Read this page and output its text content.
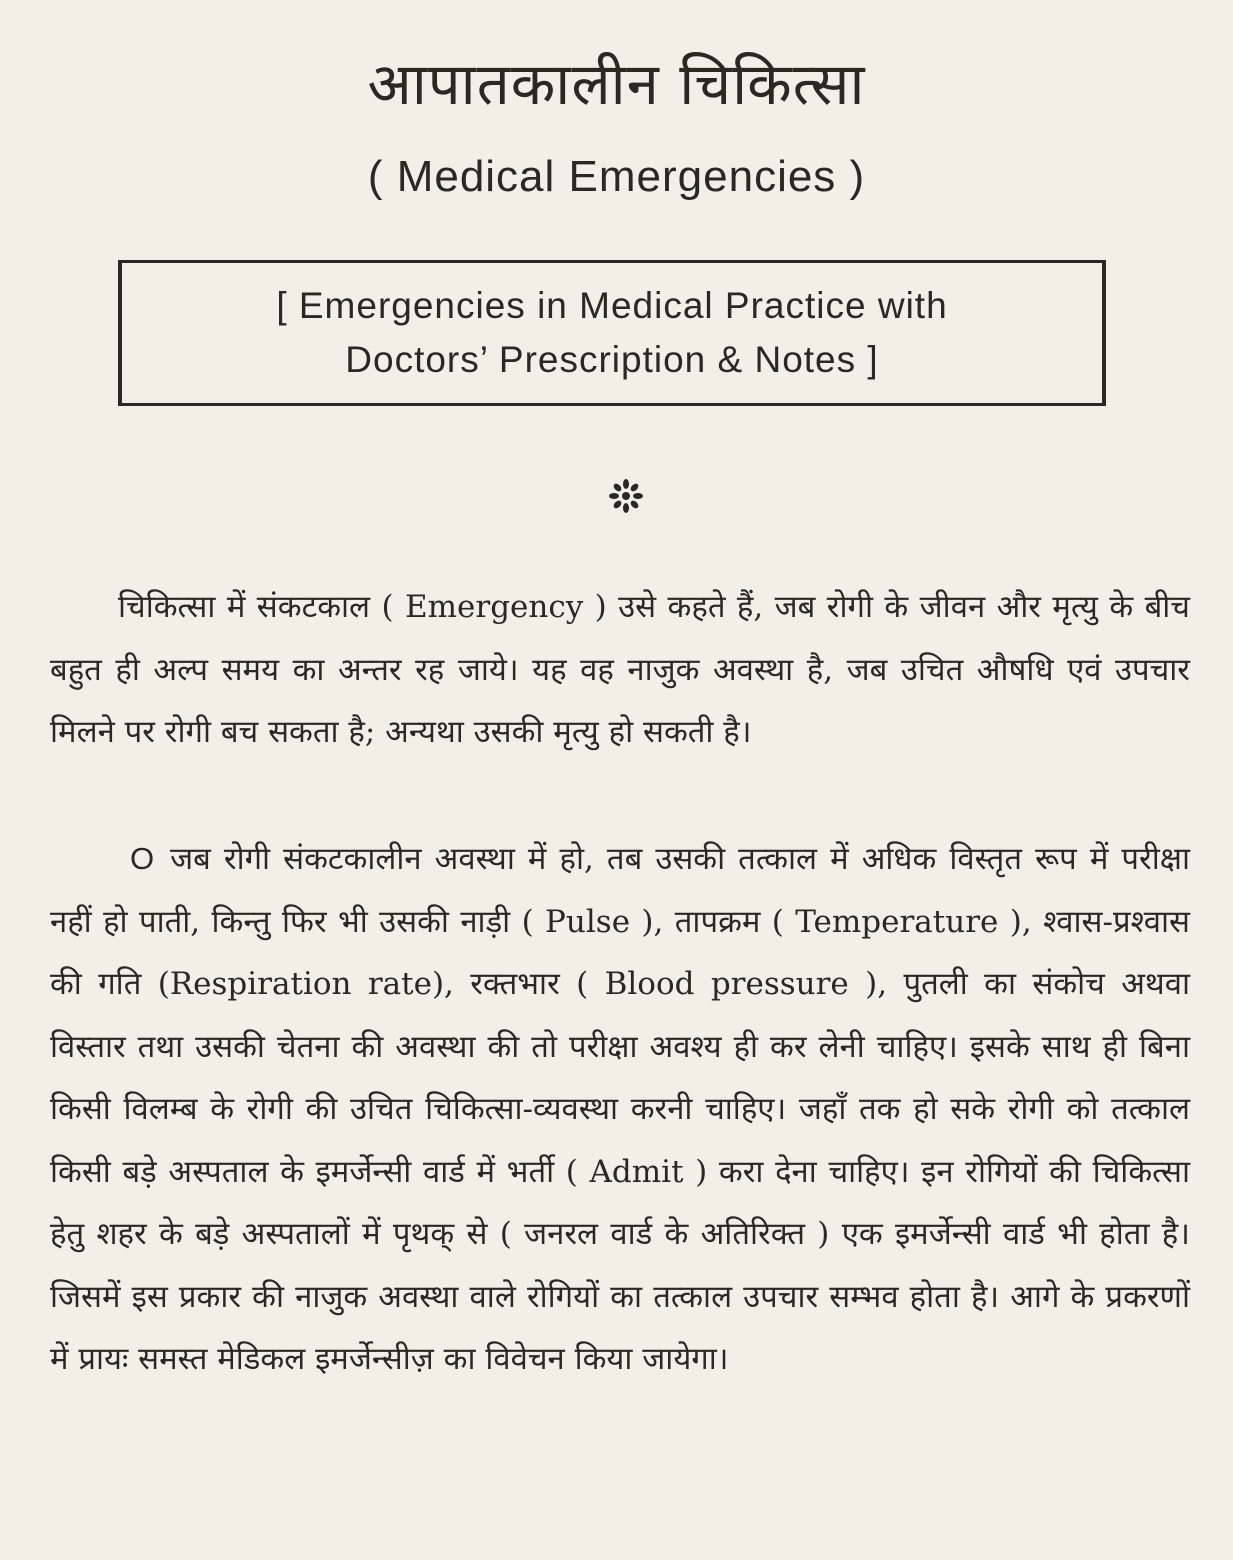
आपातकालीन चिकित्सा
( Medical Emergencies )
[ Emergencies in Medical Practice with
Doctors’ Prescription & Notes ]

चिकित्सा में संकटकाल ( Emergency ) उसे कहते हैं, जब रोगी के जीवन और मृत्यु के बीच बहुत ही अल्प समय का अन्तर रह जाये। यह वह नाजुक अवस्था है, जब उचित औषधि एवं उपचार मिलने पर रोगी बच सकता है; अन्यथा उसकी मृत्यु हो सकती है।

O जब रोगी संकटकालीन अवस्था में हो, तब उसकी तत्काल में अधिक विस्तृत रूप में परीक्षा नहीं हो पाती, किन्तु फिर भी उसकी नाड़ी ( Pulse ), तापक्रम ( Temperature ), श्वास-प्रश्वास की गति (Respiration rate), रक्तभार ( Blood pressure ), पुतली का संकोच अथवा विस्तार तथा उसकी चेतना की अवस्था की तो परीक्षा अवश्य ही कर लेनी चाहिए। इसके साथ ही बिना किसी विलम्ब के रोगी की उचित चिकित्सा-व्यवस्था करनी चाहिए। जहाँ तक हो सके रोगी को तत्काल किसी बड़े अस्पताल के इमर्जेन्सी वार्ड में भर्ती ( Admit ) करा देना चाहिए। इन रोगियों की चिकित्सा हेतु शहर के बड़े अस्पतालों में पृथक् से ( जनरल वार्ड के अतिरिक्त ) एक इमर्जेन्सी वार्ड भी होता है। जिसमें इस प्रकार की नाजुक अवस्था वाले रोगियों का तत्काल उपचार सम्भव होता है। आगे के प्रकरणों में प्रायः समस्त मेडिकल इमर्जेन्सीज़ का विवेचन किया जायेगा।
